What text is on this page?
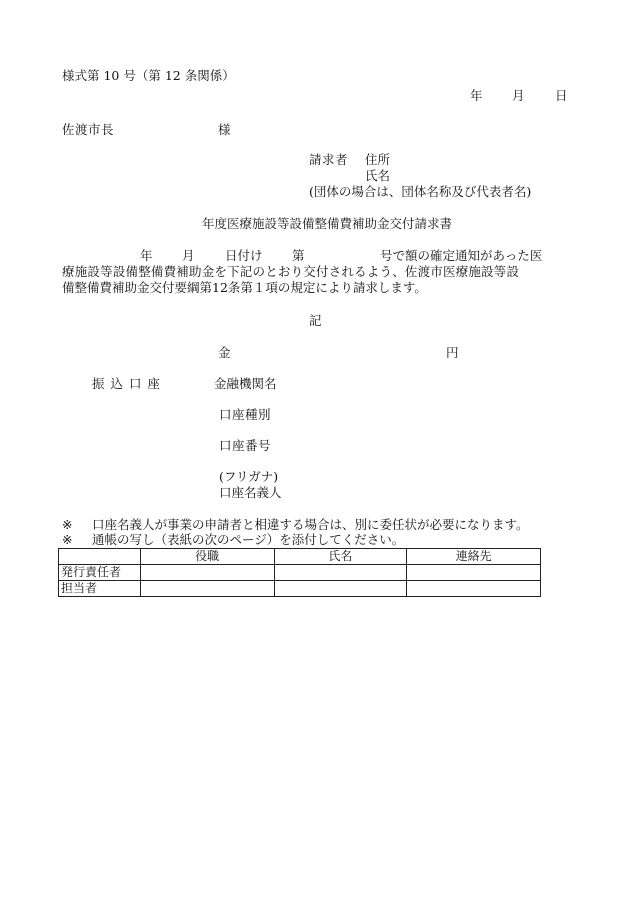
様式第 10 号（第 12 条関係）
年 月 日
佐渡市長	様
請求者 住所
氏名
(団体の場合は、団体名称及び代表者名)
年度医療施設等設備整備費補助金交付請求書
年 月 日付け 第	号で額の確定通知があった医
療施設等設備整備費補助金を下記のとおり交付されるよう、佐渡市医療施設等設
備整備費補助金交付要綱第12条第１項の規定により請求します。
記
金	円
振 込 口 座	金融機関名
口座種別
口座番号
(フリガナ)
口座名義人
※ 口座名義人が事業の申請者と相違する場合は、別に委任状が必要になります。
※ 通帳の写し（表紙の次のページ）を添付してください。
	役職	氏名	連絡先
発行責任者			
担当者			
